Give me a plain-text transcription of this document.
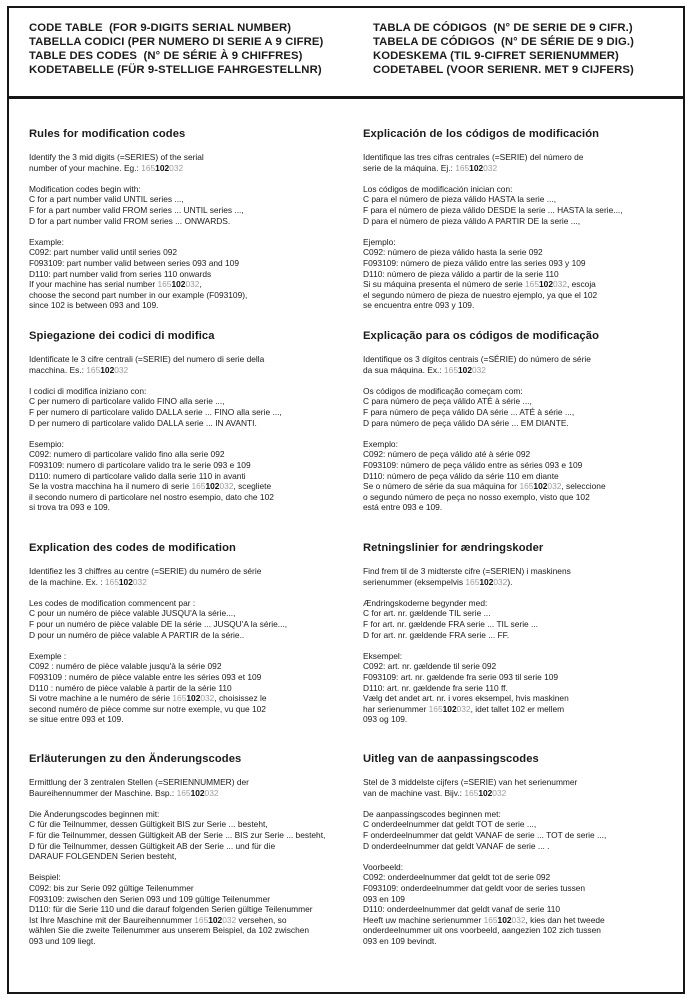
CODE TABLE  (FOR 9-DIGITS SERIAL NUMBER)
TABELLA CODICI (PER NUMERO DI SERIE A 9 CIFRE)
TABLE DES CODES  (N° DE SÉRIE À 9 CHIFFRES)
KODETABELLE (FÜR 9-STELLIGE FAHRGESTELLNR)
TABLA DE CÓDIGOS  (N° DE SERIE DE 9 CIFR.)
TABELA DE CÓDIGOS  (N° DE SÉRIE DE 9 DIG.)
KODESKEMA (TIL 9-CIFRET SERIENUMMER)
CODETABEL (VOOR SERIENR. MET 9 CIJFERS)
Rules for modification codes

Identify the 3 mid digits (=SERIES) of the serial
number of your machine. Eg.: 165102032

Modification codes begin with:
C for a part number valid UNTIL series ...,
F for a part number valid FROM series ... UNTIL series ...,
D for a part number valid FROM series ... ONWARDS.

Example:
C092: part number valid until series 092
F093109: part number valid between series 093 and 109
D110: part number valid from series 110 onwards
If your machine has serial number 165102032,
choose the second part number in our example (F093109),
since 102 is between 093 and 109.

Spiegazione dei codici di modifica

Identificate le 3 cifre centrali (=SERIE) del numero di serie della
macchina. Es.: 165102032

I codici di modifica iniziano con:
C per numero di particolare valido FINO alla serie ...,
F per numero di particolare valido DALLA serie ... FINO alla serie ...,
D per numero di particolare valido DALLA serie ... IN AVANTI.

Esempio:
C092: numero di particolare valido fino alla serie 092
F093109: numero di particolare valido tra le serie 093 e 109
D110: numero di particolare valido dalla serie 110 in avanti
Se la vostra macchina ha il numero di serie 165102032, scegliete
il secondo numero di particolare nel nostro esempio, dato che 102
si trova tra 093 e 109.

Explication des codes de modification

Identifiez les 3 chiffres au centre (=SERIE) du numéro de série
de la machine. Ex. : 165102032

Les codes de modification commencent par :
C pour un numéro de pièce valable JUSQU'A la série...,
F pour un numéro de pièce valable DE la série ... JUSQU'A la série...,
D pour un numéro de pièce valable A PARTIR de la série..

Exemple :
C092 : numéro de pièce valable jusqu'à la série 092
F093109 : numéro de pièce valable entre les séries 093 et 109
D110 : numéro de pièce valable à partir de la série 110
Si votre machine a le numéro de série 165102032, choisissez le
second numéro de pièce comme sur notre exemple, vu que 102
se situe entre 093 et 109.

Erläuterungen zu den Änderungscodes

Ermittlung der 3 zentralen Stellen (=SERIENNUMMER) der
Baureihennummer der Maschine. Bsp.: 165102032

Die Änderungscodes beginnen mit:
C für die Teilnummer, dessen Gültigkeit BIS zur Serie ... besteht,
F für die Teilnummer, dessen Gültigkeit AB der Serie ... BIS zur Serie ... besteht,
D für die Teilnummer, dessen Gültigkeit AB der Serie ... und für die
DARAUF FOLGENDEN Serien besteht,

Beispiel:
C092: bis zur Serie 092 gültige Teilenummer
F093109: zwischen den Serien 093 und 109 gültige Teilenummer
D110: für die Serie 110 und die darauf folgenden Serien gültige Teilenummer
Ist Ihre Maschine mit der Baureihennummer 165102032 versehen, so
wählen Sie die zweite Teilenummer aus unserem Beispiel, da 102 zwischen
093 und 109 liegt.

Explicación de los códigos de modificación

Identifique las tres cifras centrales (=SERIE) del número de
serie de la máquina. Ej.: 165102032

Los códigos de modificación inician con:
C para el número de pieza válido HASTA la serie ...,
F para el número de pieza válido DESDE la serie ... HASTA la serie...,
D para el número de pieza válido A PARTIR DE la serie ...,

Ejemplo:
C092: número de pieza válido hasta la serie 092
F093109: número de pieza válido entre las series 093 y 109
D110: número de pieza válido a partir de la serie 110
Si su máquina presenta el número de serie 165102032, escoja
el segundo número de pieza de nuestro ejemplo, ya que el 102
se encuentra entre 093 y 109.

Explicação para os códigos de modificação

Identifique os 3 dígitos centrais (=SÉRIE) do número de série
da sua máquina. Ex.: 165102032

Os códigos de modificação começam com:
C para número de peça válido ATÉ à série ...,
F para número de peça válido DA série ... ATÉ à série ...,
D para número de peça válido DA série ... EM DIANTE.

Exemplo:
C092: número de peça válido até à série 092
F093109: número de peça válido entre as séries 093 e 109
D110: número de peça válido da série 110 em diante
Se o número de série da sua máquina for 165102032, seleccione
o segundo número de peça no nosso exemplo, visto que 102
está entre 093 e 109.

Retningslinier for ændringskoder

Find frem til de 3 midterste cifre (=SERIEN) i maskinens
serienummer (eksempelvis 165102032).

Ændringskoderne begynder med:
C for art. nr. gældende TIL serie ...
F for art. nr. gældende FRA serie ... TIL serie ...
D for art. nr. gældende FRA serie ... FF.

Eksempel:
C092: art. nr. gældende til serie 092
F093109: art. nr. gældende fra serie 093 til serie 109
D110: art. nr. gældende fra serie 110 ff.
Vælg det andet art. nr. i vores eksempel, hvis maskinen
har serienummer 165102032, idet tallet 102 er mellem
093 og 109.

Uitleg van de aanpassingscodes

Stel de 3 middelste cijfers (=SERIE) van het serienummer
van de machine vast. Bijv.: 165102032

De aanpassingscodes beginnen met:
C onderdeelnummer dat geldt TOT de serie ...,
F onderdeelnummer dat geldt VANAF de serie ... TOT de serie ...,
D onderdeelnummer dat geldt VANAF de serie ... .

Voorbeeld:
C092: onderdeelnummer dat geldt tot de serie 092
F093109: onderdeelnummer dat geldt voor de series tussen
093 en 109
D110: onderdeelnummer dat geldt vanaf de serie 110
Heeft uw machine serienummer 165102032, kies dan het tweede
onderdeelnummer uit ons voorbeeld, aangezien 102 zich tussen
093 en 109 bevindt.
